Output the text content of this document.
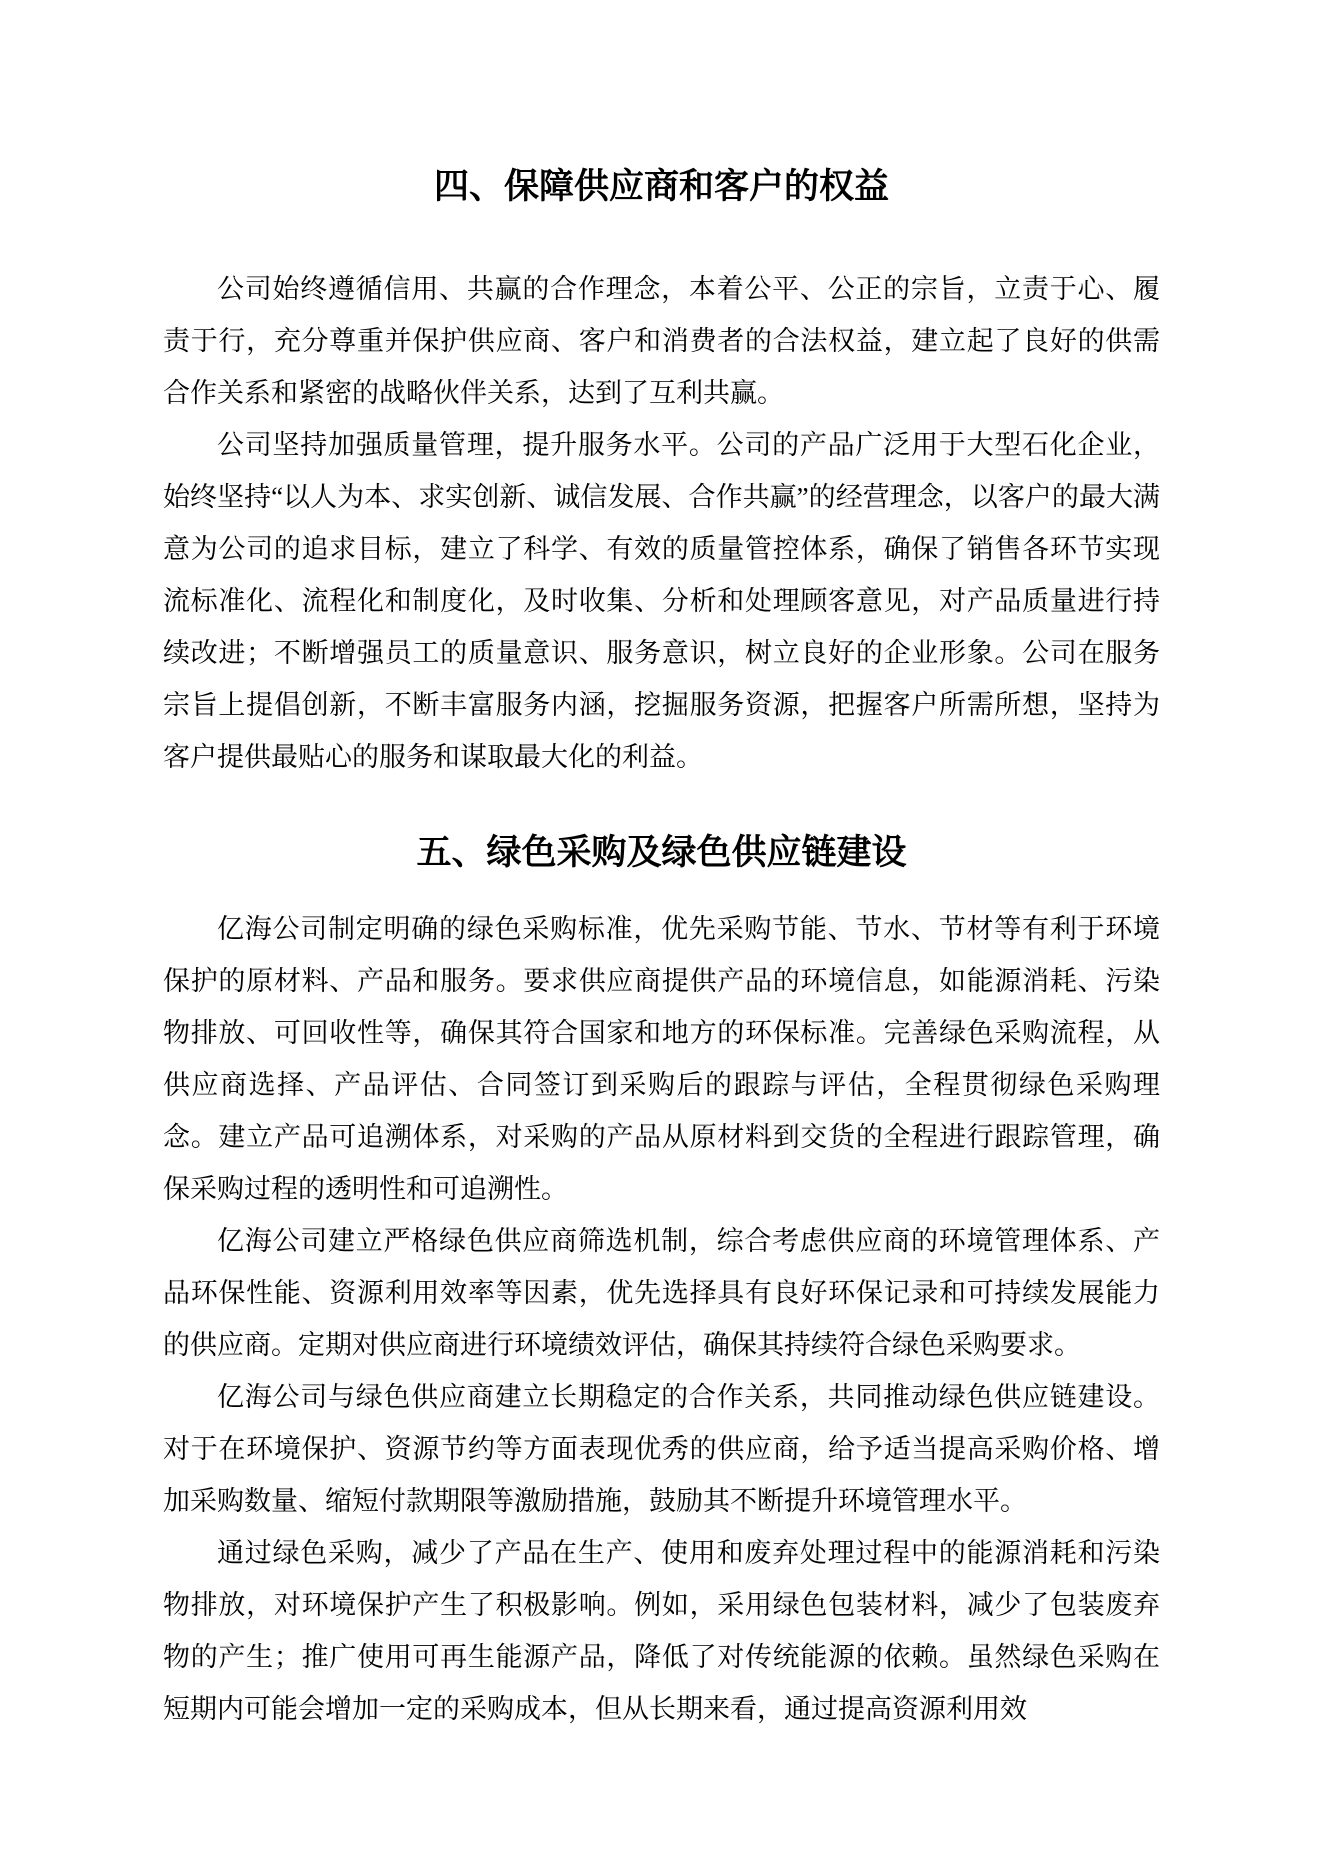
四、保障供应商和客户的权益

公司始终遵循信用、共赢的合作理念，本着公平、公正的宗旨，立责于心、履责于行，充分尊重并保护供应商、客户和消费者的合法权益，建立起了良好的供需合作关系和紧密的战略伙伴关系，达到了互利共赢。

公司坚持加强质量管理，提升服务水平。公司的产品广泛用于大型石化企业，始终坚持“以人为本、求实创新、诚信发展、合作共赢”的经营理念，以客户的最大满意为公司的追求目标，建立了科学、有效的质量管控体系，确保了销售各环节实现流标准化、流程化和制度化，及时收集、分析和处理顾客意见，对产品质量进行持续改进；不断增强员工的质量意识、服务意识，树立良好的企业形象。公司在服务宗旨上提倡创新，不断丰富服务内涵，挖掘服务资源，把握客户所需所想，坚持为客户提供最贴心的服务和谋取最大化的利益。

五、绿色采购及绿色供应链建设

亿海公司制定明确的绿色采购标准，优先采购节能、节水、节材等有利于环境保护的原材料、产品和服务。要求供应商提供产品的环境信息，如能源消耗、污染物排放、可回收性等，确保其符合国家和地方的环保标准。完善绿色采购流程，从供应商选择、产品评估、合同签订到采购后的跟踪与评估，全程贯彻绿色采购理念。建立产品可追溯体系，对采购的产品从原材料到交货的全程进行跟踪管理，确保采购过程的透明性和可追溯性。

亿海公司建立严格绿色供应商筛选机制，综合考虑供应商的环境管理体系、产品环保性能、资源利用效率等因素，优先选择具有良好环保记录和可持续发展能力的供应商。定期对供应商进行环境绩效评估，确保其持续符合绿色采购要求。

亿海公司与绿色供应商建立长期稳定的合作关系，共同推动绿色供应链建设。对于在环境保护、资源节约等方面表现优秀的供应商，给予适当提高采购价格、增加采购数量、缩短付款期限等激励措施，鼓励其不断提升环境管理水平。

通过绿色采购，减少了产品在生产、使用和废弃处理过程中的能源消耗和污染物排放，对环境保护产生了积极影响。例如，采用绿色包装材料，减少了包装废弃物的产生；推广使用可再生能源产品，降低了对传统能源的依赖。虽然绿色采购在短期内可能会增加一定的采购成本，但从长期来看，通过提高资源利用效
